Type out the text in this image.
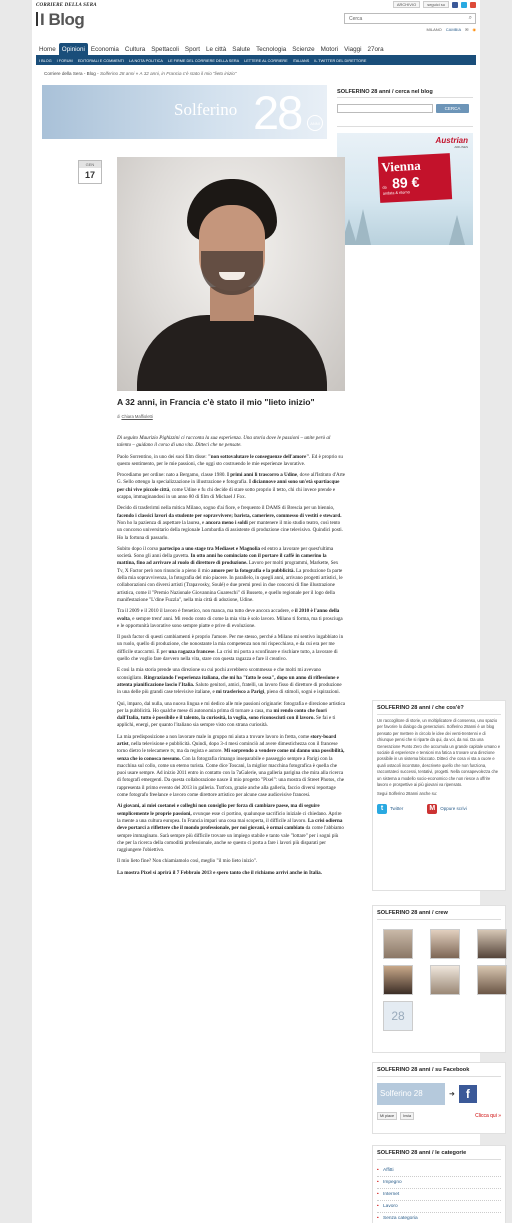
CORRIERE DELLA SERA
I Blog
ARCHIVIO	seguici su
Cerca	⌕
MILANO CAMBIA ✉ ◉
Home Opinioni Economia Cultura Spettacoli Sport Le città Salute Tecnologia Scienze Motori Viaggi 27ora
I BLOG I FORUM EDITORIALI E COMMENTI LA NOTA POLITICA LE FIRME DEL CORRIERE DELLA SERA LETTERE AL CORRIERE ITALIANS IL TWITTER DEL DIRETTORE
Corriere della Sera - Blog - Solferino 28 anni » A 32 anni, in Francia c'è stato il mio "lieto inizio"
Solferino 28	ANNI
SOLFERINO 28 anni / cerca nel blog
CERCA
Austrian
AIRLINES
Vienna
da 89 €
andata & ritorno
GEN
17
A 32 anni, in Francia c'è stato il mio "lieto inizio"
di Chiara Maffioletti

Di seguito Maurizio Pighizzini ci racconta la sua esperienza. Una storia dove le passioni – unite però al talento – guidano il corso di una vita. Ditteci che ne pensate.

Paolo Sorrentino, in uno dei suoi film disse: "non sottovalutare le conseguenze dell'amore". Ed è proprio su questo sentimento, per le mie passioni, che oggi sto costruendo le mie esperienze lavorative.

Procediamo per ordine: nato a Bergamo, classe 1980. I primi anni li trascorro a Udine, dove all'Istituto d'Arte G. Sello ottengo la specializzazione in illustrazione e fotografia. I diciannove anni sono un'età spartiacque per chi vive piccole città, come Udine e fu chi decide di stare sotto proprio il tetto, chi chi invece prende e scappa, immaginandosi in un anno 80 di film di Michael J Fox.

Decido di trasferirmi nella mitica Milano, sogno d'ai fiore, e frequento il DAMS di Brescia per un biennio, facendo i classici lavori da studente per sopravvivere; barista, cameriere, commesso di vestiti e steward. Non ho la pazienza di aspettare la laurea, e ancora meno i soldi per mantenere il mio studio teatro, così tento un concorso universitario della regionale Lombardia di assistente di produzione cine televisivo. Quindici posti. Ho la fortuna di passarlo.

Subito dopo il corso partecipo a uno stage tra Mediaset e Magnolia ed entro a lavorare per quest'ultima società. Sono gli anni della gavetta. In otto anni ho cominciato con il portare il caffè in camerino la mattina, fino ad arrivare al ruolo di direttore di produzione. Lavoro per molti programmi, Markette, Sex Tv, X Factor però non rinuncio a pieno il mio amore per la fotografia e la pubblicità. La produzione fa parte della mia sopravvivenza, la fotografia del mio piacere. In parallelo, in quegli anni, arrivano progetti artistici, le collaborazioni con diversi artisti (Trapavosky, Soulé) e due premi presi in due concorsi di fine illustrazione artistica, come il "Premio Nazionale Giovannina Guareschi" di Busseto, e quello regionale per il logo della manifestazione "L'dine Fuzzla", nella mia città di adozione, Udine.

Tra il 2009 e il 2010 il lavoro è frenetico, non manca, ma tutto deve ancora accadere, e il 2010 è l'anno della svolta, e sempre trent' anni. Mi rendo conto di come la mia vita è solo lavoro. Milano ti forma, ma ti prosciuga e le opportunità lavorative sono sempre piatte e prive di evoluzione.

Il push factor di questi cambiamenti è proprio l'amore. Per me stesso, perché a Milano mi sentivo ingabbiato in un ruolo, quello di produzione, che nonostante la mia competenza non mi rispecchiava, e da cui era per me difficile staccarmi. E per una ragazza francese. La crisi mi porta a sconfinare e rischiare tutto, a lavorare di quello che voglio fare davvero nella vita, stare con questa ragazza e fare il creativo.

E così la mia storia prende una direzione su cui pochi avrebbero scommesso e che molti mi avevano sconsigliato. Ringraziando l'esperienza italiana, che mi ha "fatto le ossa", dopo un anno di riflessione e attenta pianificazione lascio l'Italia. Saluto genitori, amici, fratelli, un lavoro fisso di direttore di produzione in una delle più grandi case televisive italiane, e mi trasferisco a Parigi, pieno di stimoli, sogni e ispirazioni.

Qui, imparo, dal nulla, una nuova lingua e mi dedico alle mie passioni originarie: fotografia e direzione artistica per la pubblicità. Ho qualche mese di autonomia prima di tornare a casa, ma mi rendo conto che fuori dall'Italia, tutto è possibile e il talento, la curiosità, la voglia, sono riconosciuti con il lavoro. Se fai e ti applichi, energi, per quanto l'italiano sia sempre visto con strana curiosità.

La mia predisposizione a non lavorare male in gruppo mi aiuta a trovare lavoro in fretta, come story-board artist, nella televisione e pubblicità. Quindi, dopo 3-4 mesi cominciò ad avere dimestichezza con il francese torno dietro le telecamere tv, ma da regista e autore. Mi sorprendo a vendere come mi danno una possibilità, senza che io conosca nessuno. Con la fotografia rimango inseparabile e passeggio sempre a Parigi con la macchina sul collo, come un eterno turista. Come dice Toscani, la miglior macchina fotografica è quella che puoi usare sempre. Ad inizio 2011 entro in contatto con la 7aGalerie, una galleria parigina che mira alla ricerca di fotografi emergenti. Da questa collaborazione nasce il mio progetto "Pixel": una mostra di Street Photos, che rappresenta il primo evento del 2013 in galleria. Tutt'ora, grazie anche alla galleria, faccio diversi reportage come fotografo freelance e lavoro come direttore artistico per alcune case audiovisive francesi.

Ai giovani, ai miei coetanei e colleghi non consiglio per forza di cambiare paese, ma di seguire semplicemente le proprie passioni, ovunque esse ci portino, qualunque sacrificio iniziale ci chiedano. Aprire la mente a una cultura europea. In Francia impari una cosa mai scoperta, il difficile al lavoro. La crisi odierna deve portarci a riflettere che il mondo professionale, per noi giovani, è ormai cambiato da come l'abbiamo sempre immaginato. Sarà sempre più difficile trovare un impiego stabile e tanto vale "lottare" per i sogni più che per la ricerca della comodità professionale, anche se questo ci porta a fare i lavori più disparati per raggiungere l'obiettivo.

Il mio lieto fine? Non chiamiamolo così, meglio "il mio lieto inizio".

La mostra Pixel si aprirà il 7 Febbraio 2013 e spero tanto che il richiamo arrivi anche in Italia.

SOLFERINO 28 anni / che cos'è?
Un raccoglitore di storie, un moltiplicatore di consenso, uno spazio per favorire lo dialogo da generazioni. Solferino 28anni è un blog pensato per mettere in circolo le idee dei venti-trentenni e di chiunque pensi che si riparte da qui, da voi, da noi. Da una Generazione Punto Zero che accumula un grande capitale umano e sociale di esperienze e tensioni ma fatica a trovare una direzione possibile in un sistema bloccato. Ditteci che cosa vi sta a cuore e quali ostacoli incontrate, descrivete quello che non funziona, raccontateci successi, tentativi, progetti. Nella consapevolezza che un sistema a modello socio-economico che non riesce a offrire lavoro e prospettive ai più giovani va ripensato.
Segui Solferino 28anni anche su:
t	Twitter	M	Oppure scrivi
SOLFERINO 28 anni / crew
28
SOLFERINO 28 anni / su Facebook
Solferino 28	➜ f
Mi piace	Invia	Clicca qui »
SOLFERINO 28 anni / le categorie
• Affitti
• Impegno
• Internet
• Lavoro
• Senza categoria
